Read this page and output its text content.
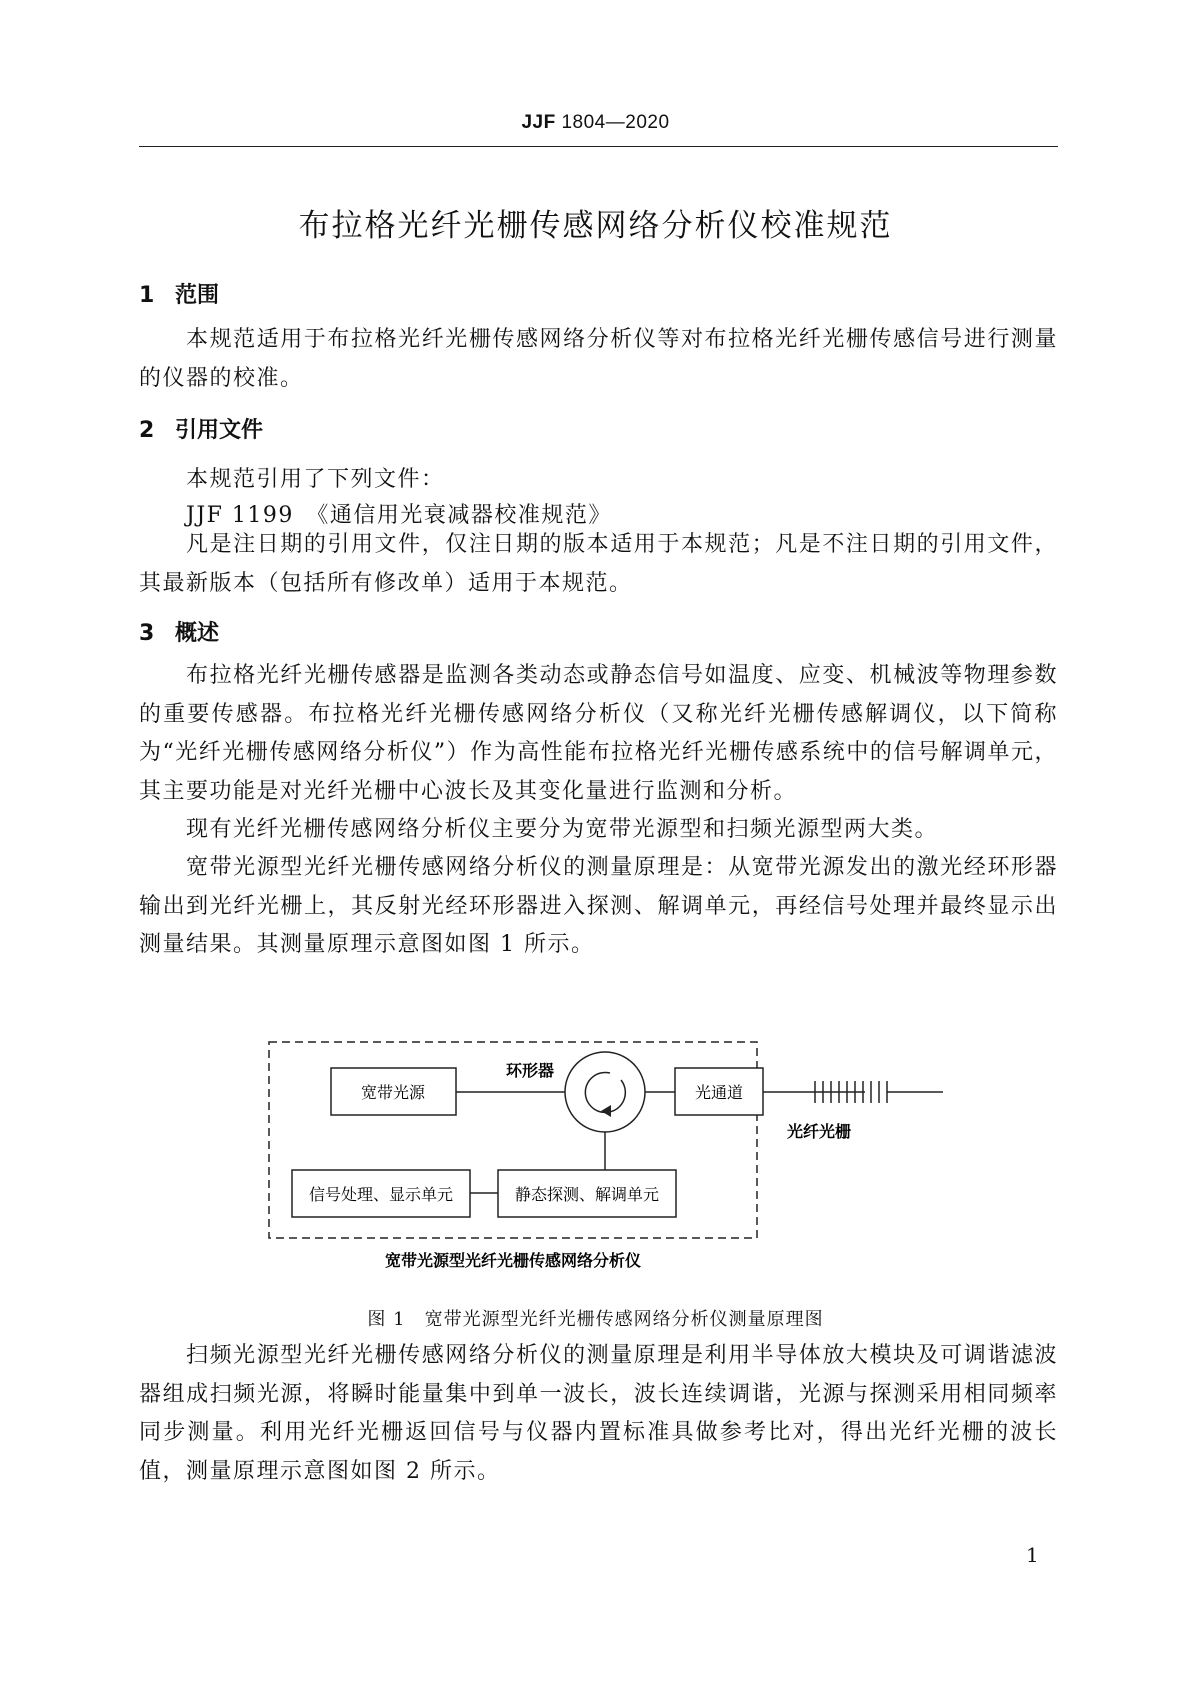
JJF 1804—2020
布拉格光纤光栅传感网络分析仪校准规范
1 范围
本规范适用于布拉格光纤光栅传感网络分析仪等对布拉格光纤光栅传感信号进行测量的仪器的校准。
2 引用文件
本规范引用了下列文件：
JJF 1199　《通信用光衰减器校准规范》
凡是注日期的引用文件，仅注日期的版本适用于本规范；凡是不注日期的引用文件，其最新版本（包括所有修改单）适用于本规范。
3 概述
布拉格光纤光栅传感器是监测各类动态或静态信号如温度、应变、机械波等物理参数的重要传感器。布拉格光纤光栅传感网络分析仪（又称光纤光栅传感解调仪，以下简称为“光纤光栅传感网络分析仪”）作为高性能布拉格光纤光栅传感系统中的信号解调单元，其主要功能是对光纤光栅中心波长及其变化量进行监测和分析。
现有光纤光栅传感网络分析仪主要分为宽带光源型和扫频光源型两大类。
宽带光源型光纤光栅传感网络分析仪的测量原理是：从宽带光源发出的激光经环形器输出到光纤光栅上，其反射光经环形器进入探测、解调单元，再经信号处理并最终显示出测量结果。其测量原理示意图如图 1 所示。
宽带光源
环形器
光通道
光纤光栅
信号处理、显示单元	静态探测、解调单元
宽带光源型光纤光栅传感网络分析仪
图 1　宽带光源型光纤光栅传感网络分析仪测量原理图
扫频光源型光纤光栅传感网络分析仪的测量原理是利用半导体放大模块及可调谐滤波器组成扫频光源，将瞬时能量集中到单一波长，波长连续调谐，光源与探测采用相同频率同步测量。利用光纤光栅返回信号与仪器内置标准具做参考比对，得出光纤光栅的波长值，测量原理示意图如图 2 所示。
1
